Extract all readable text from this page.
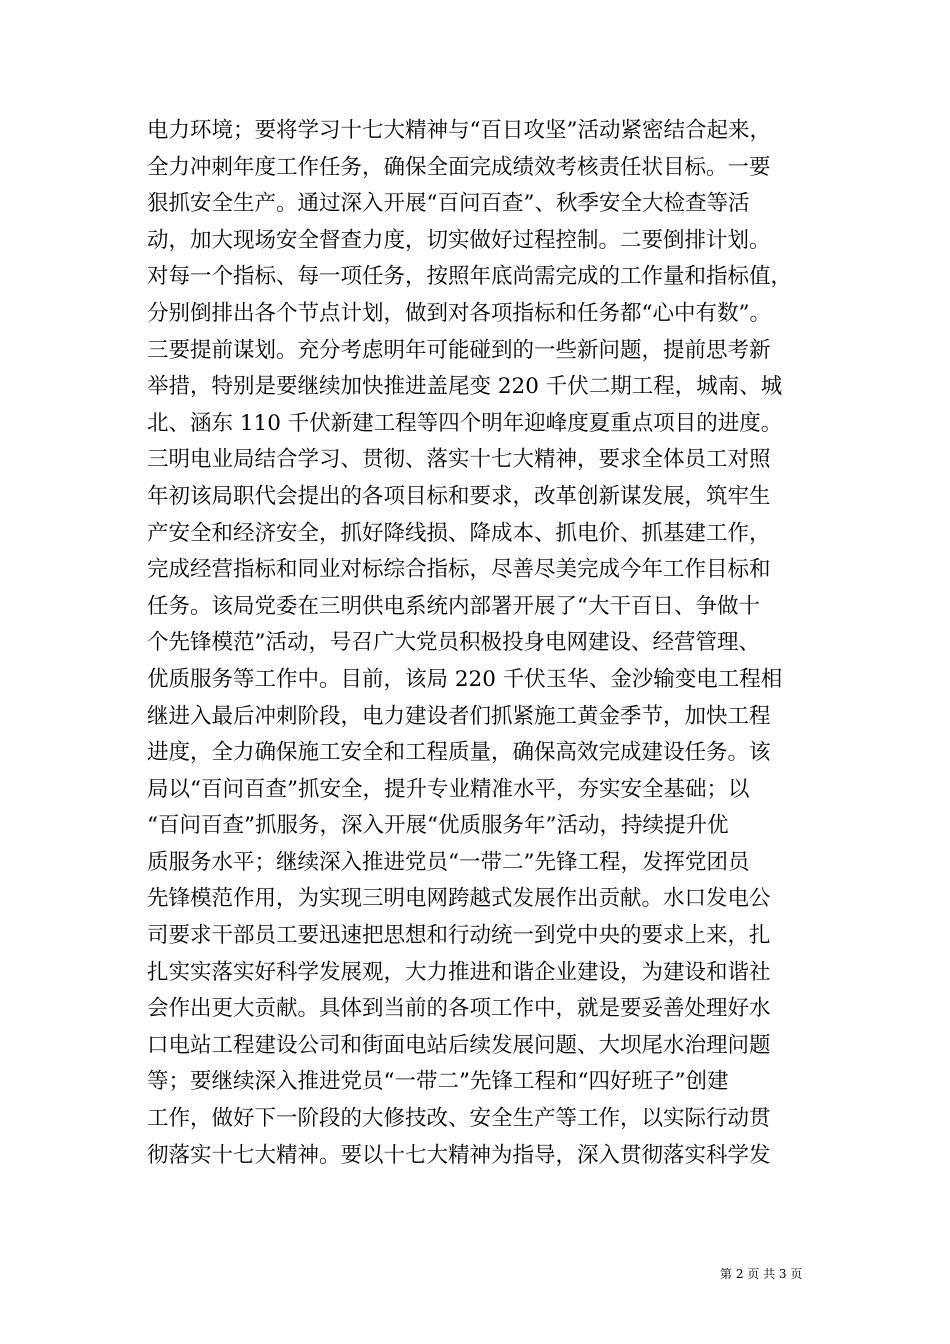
电力环境；要将学习十七大精神与“百日攻坚”活动紧密结合起来，
全力冲刺年度工作任务，确保全面完成绩效考核责任状目标。一要
狠抓安全生产。通过深入开展“百问百查”、秋季安全大检查等活
动，加大现场安全督查力度，切实做好过程控制。二要倒排计划。
对每一个指标、每一项任务，按照年底尚需完成的工作量和指标值，
分别倒排出各个节点计划，做到对各项指标和任务都“心中有数”。
三要提前谋划。充分考虑明年可能碰到的一些新问题，提前思考新
举措，特别是要继续加快推进盖尾变 220 千伏二期工程，城南、城
北、涵东 110 千伏新建工程等四个明年迎峰度夏重点项目的进度。
三明电业局结合学习、贯彻、落实十七大精神，要求全体员工对照
年初该局职代会提出的各项目标和要求，改革创新谋发展，筑牢生
产安全和经济安全，抓好降线损、降成本、抓电价、抓基建工作，
完成经营指标和同业对标综合指标，尽善尽美完成今年工作目标和
任务。该局党委在三明供电系统内部署开展了“大干百日、争做十
个先锋模范”活动，号召广大党员积极投身电网建设、经营管理、
优质服务等工作中。目前，该局 220 千伏玉华、金沙输变电工程相
继进入最后冲刺阶段，电力建设者们抓紧施工黄金季节，加快工程
进度，全力确保施工安全和工程质量，确保高效完成建设任务。该
局以“百问百查”抓安全，提升专业精准水平，夯实安全基础；以
“百问百查”抓服务，深入开展“优质服务年”活动，持续提升优
质服务水平；继续深入推进党员“一带二”先锋工程，发挥党团员
先锋模范作用，为实现三明电网跨越式发展作出贡献。水口发电公
司要求干部员工要迅速把思想和行动统一到党中央的要求上来，扎
扎实实落实好科学发展观，大力推进和谐企业建设，为建设和谐社
会作出更大贡献。具体到当前的各项工作中，就是要妥善处理好水
口电站工程建设公司和街面电站后续发展问题、大坝尾水治理问题
等；要继续深入推进党员“一带二”先锋工程和“四好班子”创建
工作，做好下一阶段的大修技改、安全生产等工作，以实际行动贯
彻落实十七大精神。要以十七大精神为指导，深入贯彻落实科学发
第 2 页 共 3 页
